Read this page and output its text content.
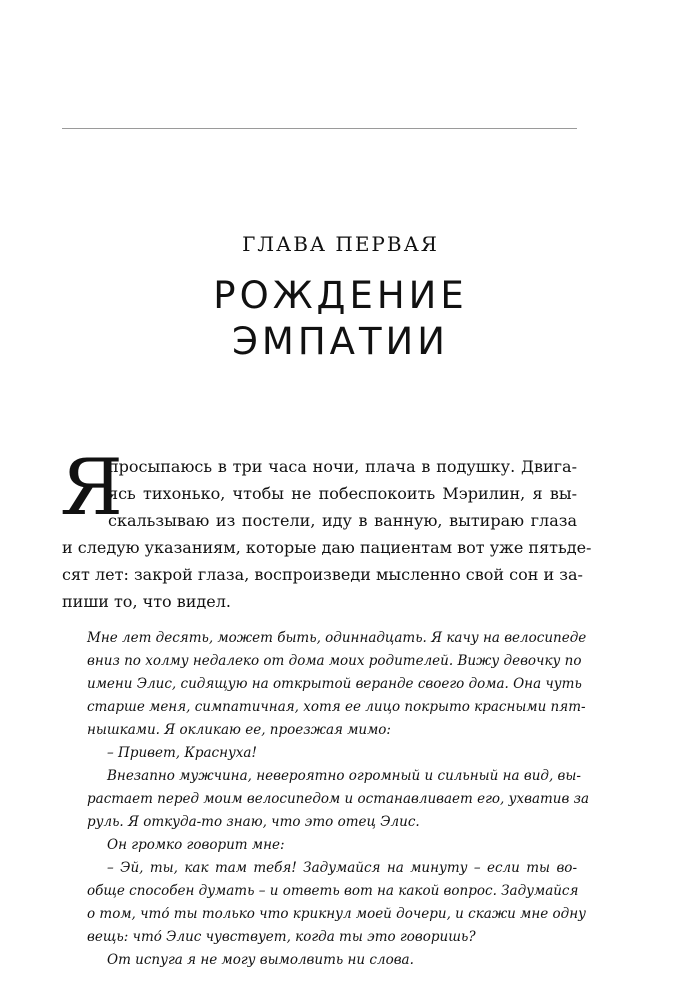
ГЛАВА ПЕРВАЯ
РОЖДЕНИЕ
ЭМПАТИИ
Я
просыпаюсь в три часа ночи, плача в подушку. Двига-
ясь тихонько, чтобы не побеспокоить Мэрилин, я вы-
скальзываю из постели, иду в ванную, вытираю глаза
и следую указаниям, которые даю пациентам вот уже пятьде-
сят лет: закрой глаза, воспроизведи мысленно свой сон и за-
пиши то, что видел.
Мне лет десять, может быть, одиннадцать. Я качу на велосипеде
вниз по холму недалеко от дома моих родителей. Вижу девочку по
имени Элис, сидящую на открытой веранде своего дома. Она чуть
старше меня, симпатичная, хотя ее лицо покрыто красными пят-
нышками. Я окликаю ее, проезжая мимо:
– Привет, Краснуха!
Внезапно мужчина, невероятно огромный и сильный на вид, вы-
растает перед моим велосипедом и останавливает его, ухватив за
руль. Я откуда-то знаю, что это отец Элис.
Он громко говорит мне:
– Эй, ты, как там тебя! Задумайся на минуту – если ты во-
обще способен думать – и ответь вот на какой вопрос. Задумайся
о том, что́ ты только что крикнул моей дочери, и скажи мне одну
вещь: что́ Элис чувствует, когда ты это говоришь?
От испуга я не могу вымолвить ни слова.
